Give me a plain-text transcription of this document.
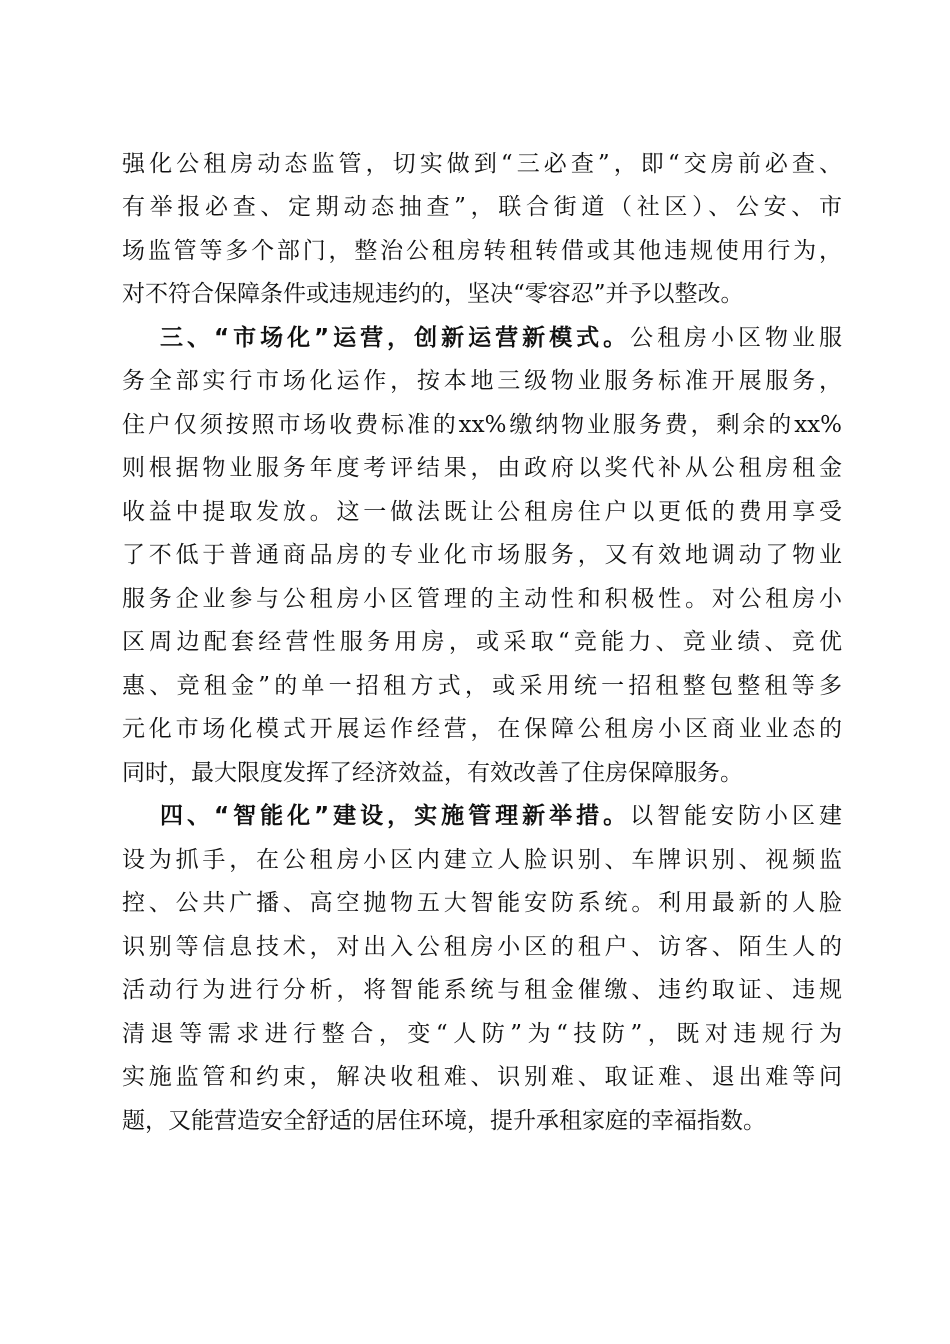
强化公租房动态监管，切实做到“三必查”，即“交房前必查、
有举报必查、定期动态抽查”，联合街道（社区）、公安、市
场监管等多个部门，整治公租房转租转借或其他违规使用行为，
对不符合保障条件或违规违约的，坚决“零容忍”并予以整改。
三、“市场化”运营，创新运营新模式。公租房小区物业服
务全部实行市场化运作，按本地三级物业服务标准开展服务，
住户仅须按照市场收费标准的xx%缴纳物业服务费，剩余的xx%
则根据物业服务年度考评结果，由政府以奖代补从公租房租金
收益中提取发放。这一做法既让公租房住户以更低的费用享受
了不低于普通商品房的专业化市场服务，又有效地调动了物业
服务企业参与公租房小区管理的主动性和积极性。对公租房小
区周边配套经营性服务用房，或采取“竞能力、竞业绩、竞优
惠、竞租金”的单一招租方式，或采用统一招租整包整租等多
元化市场化模式开展运作经营，在保障公租房小区商业业态的
同时，最大限度发挥了经济效益，有效改善了住房保障服务。
四、“智能化”建设，实施管理新举措。以智能安防小区建
设为抓手，在公租房小区内建立人脸识别、车牌识别、视频监
控、公共广播、高空抛物五大智能安防系统。利用最新的人脸
识别等信息技术，对出入公租房小区的租户、访客、陌生人的
活动行为进行分析，将智能系统与租金催缴、违约取证、违规
清退等需求进行整合，变“人防”为“技防”，既对违规行为
实施监管和约束，解决收租难、识别难、取证难、退出难等问
题，又能营造安全舒适的居住环境，提升承租家庭的幸福指数。
